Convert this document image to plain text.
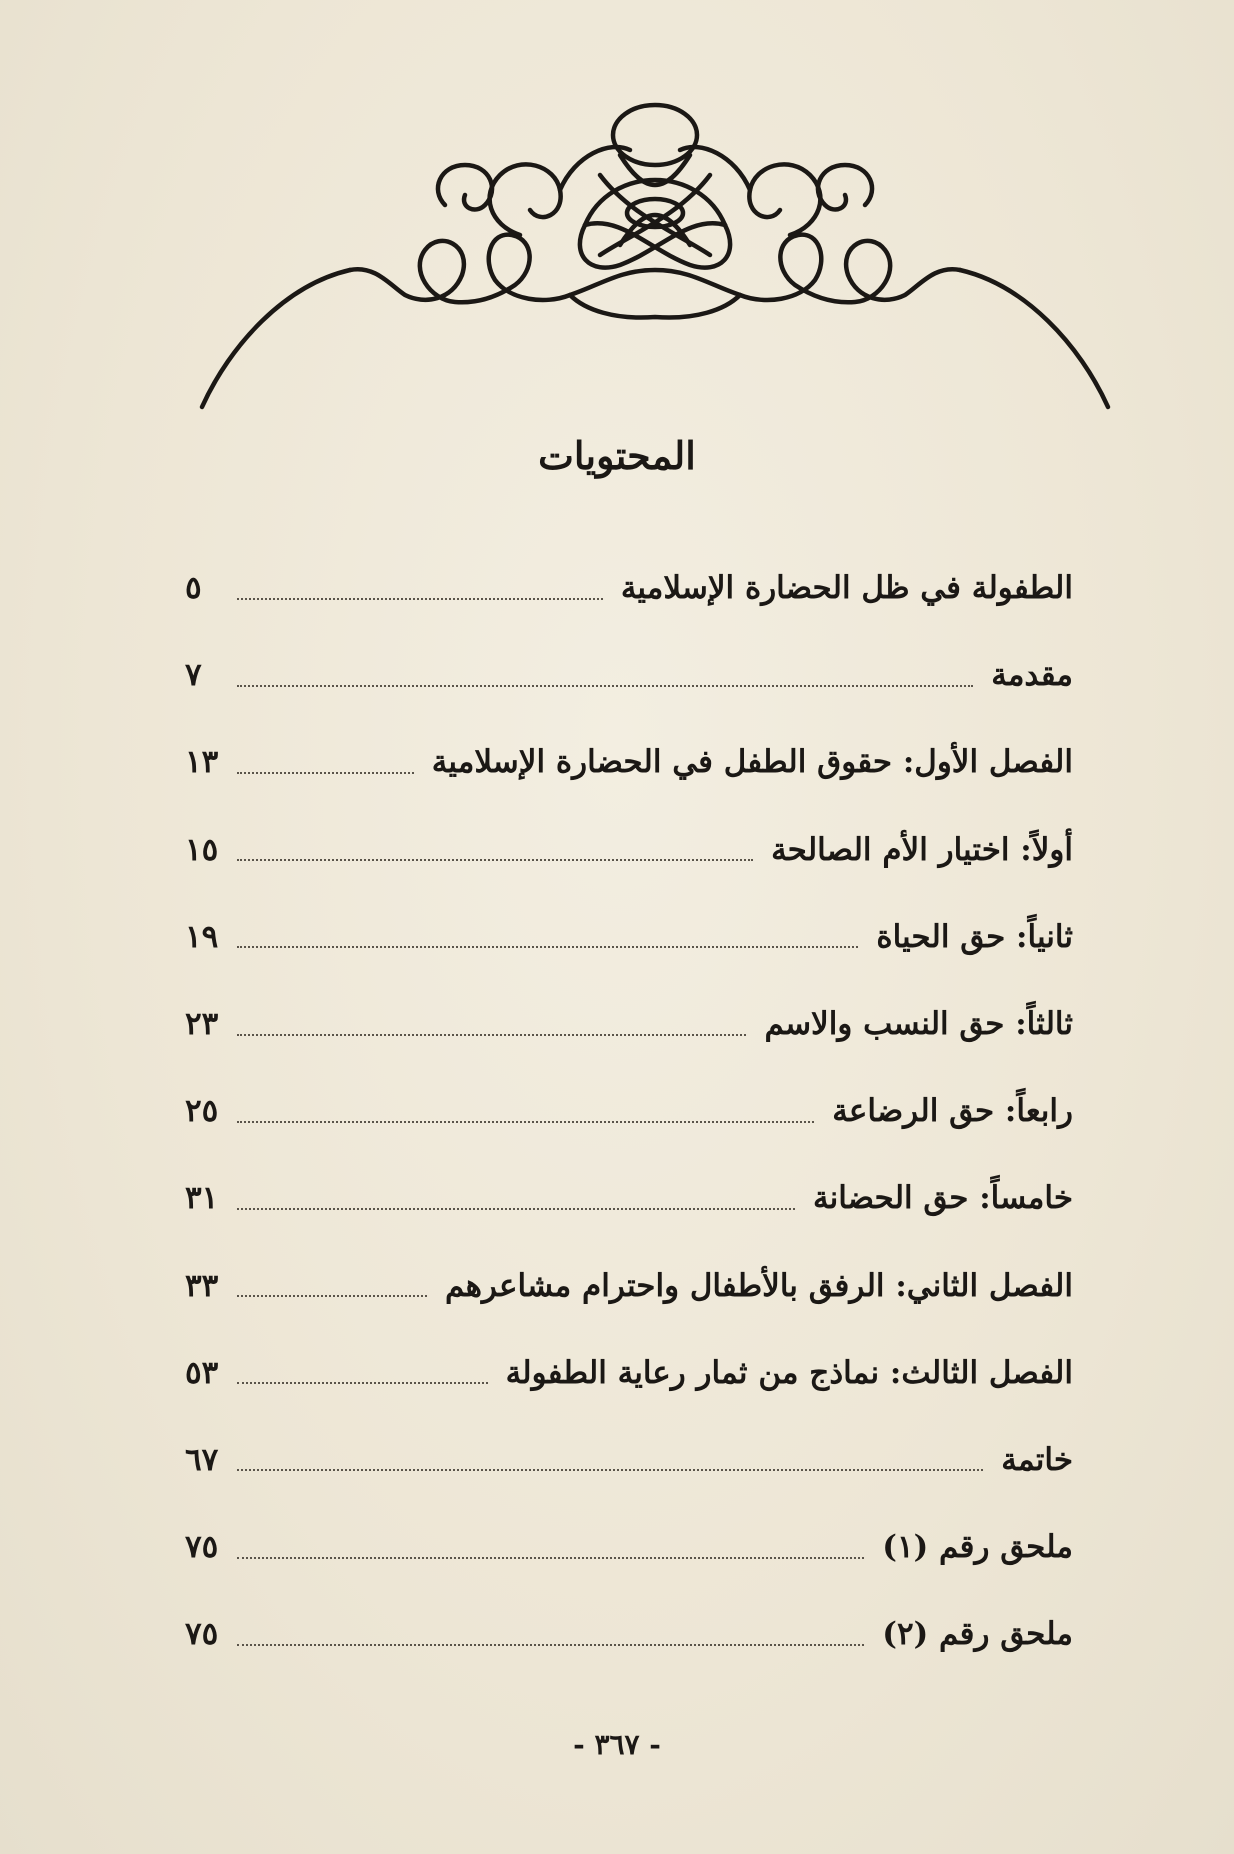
المحتويات
الطفولة في ظل الحضارة الإسلامية
٥
مقدمة
٧
الفصل الأول: حقوق الطفل في الحضارة الإسلامية
١٣
أولاً: اختيار الأم الصالحة
١٥
ثانياً: حق الحياة
١٩
ثالثاً: حق النسب والاسم
٢٣
رابعاً: حق الرضاعة
٢٥
خامساً: حق الحضانة
٣١
الفصل الثاني: الرفق بالأطفال واحترام مشاعرهم
٣٣
الفصل الثالث: نماذج من ثمار رعاية الطفولة
٥٣
خاتمة
٦٧
ملحق رقم (١)
٧٥
ملحق رقم (٢)
٧٥
- ٣٦٧ -
